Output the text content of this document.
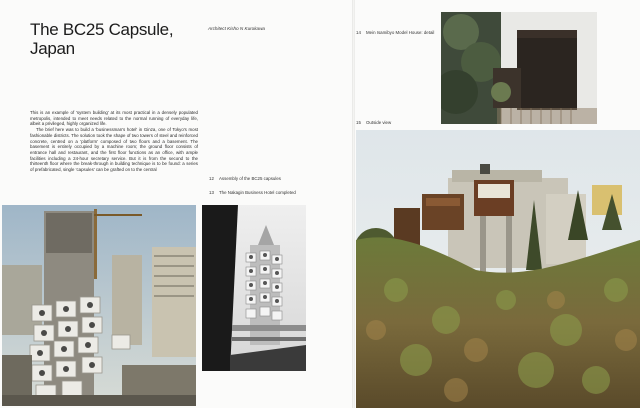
The BC25 Capsule, Japan
Architect Kisho N Kurokawa

This is an example of 'system building' at its most practical in a densely populated metropolis, intended to meet needs related to the normal running of everyday life, albeit a privileged, highly organized life.

The brief here was to build a 'businessman's hotel' in Ginza, one of Tokyo's most fashionable districts. The solution took the shape of two towers of steel and reinforced concrete, centred on a 'platform' composed of two floors and a basement. The basement is entirely occupied by a machine room; the ground floor consists of entrance hall and restaurant, and the first floor functions as an office, with ample facilities including a 24-hour secretary service. But it is from the second to the thirteenth floor where the break-through in building technique is to be found: a series of prefabricated, single 'capsules' can be grafted on to the central

12 Assembly of the BC25 capsules
13 The Nakagin Business Hotel completed
14 Mein Isamibyo Model House: detail
15 Outside view
